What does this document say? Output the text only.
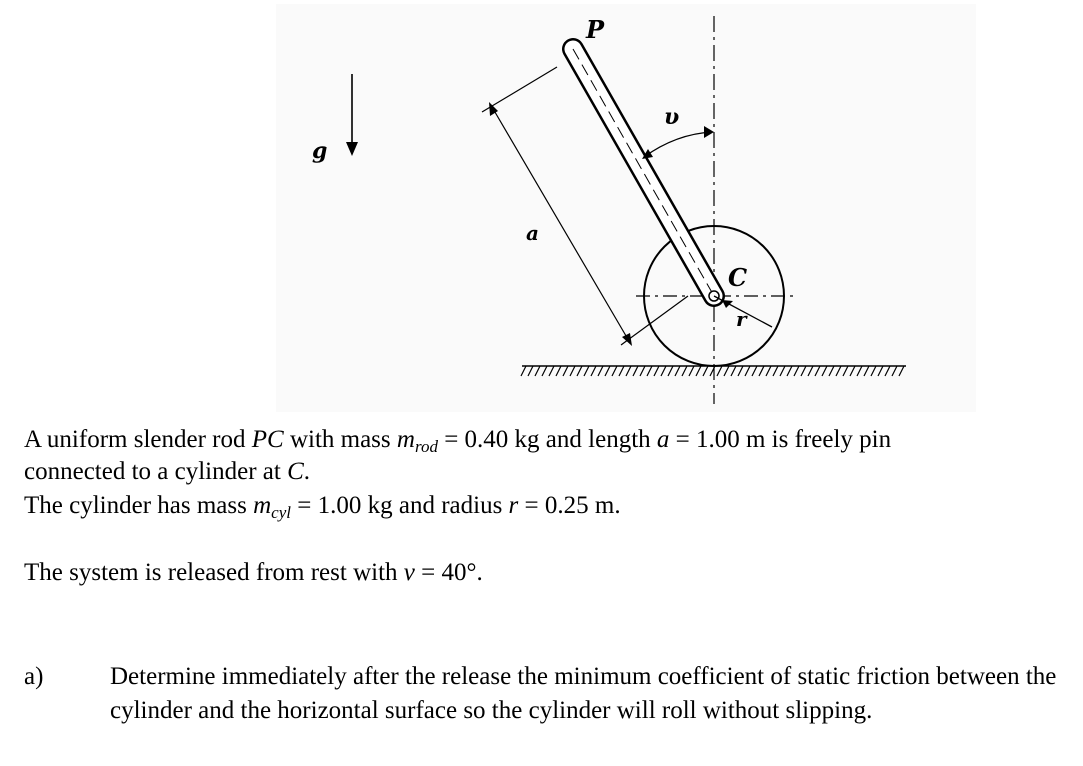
g
P
υ
a
C
r

A uniform slender rod PC with mass $m_{rod} = 0.40$ kg and length a = 1.00 m is freely pin

connected to a cylinder at C.

The cylinder has mass $m_{cyl} = 1.00$ kg and radius r = 0.25 m.

The system is released from rest with v = 40°.

a)	Determine immediately after the release the minimum coefficient of static friction between the cylinder and the horizontal surface so the cylinder will roll without slipping.
